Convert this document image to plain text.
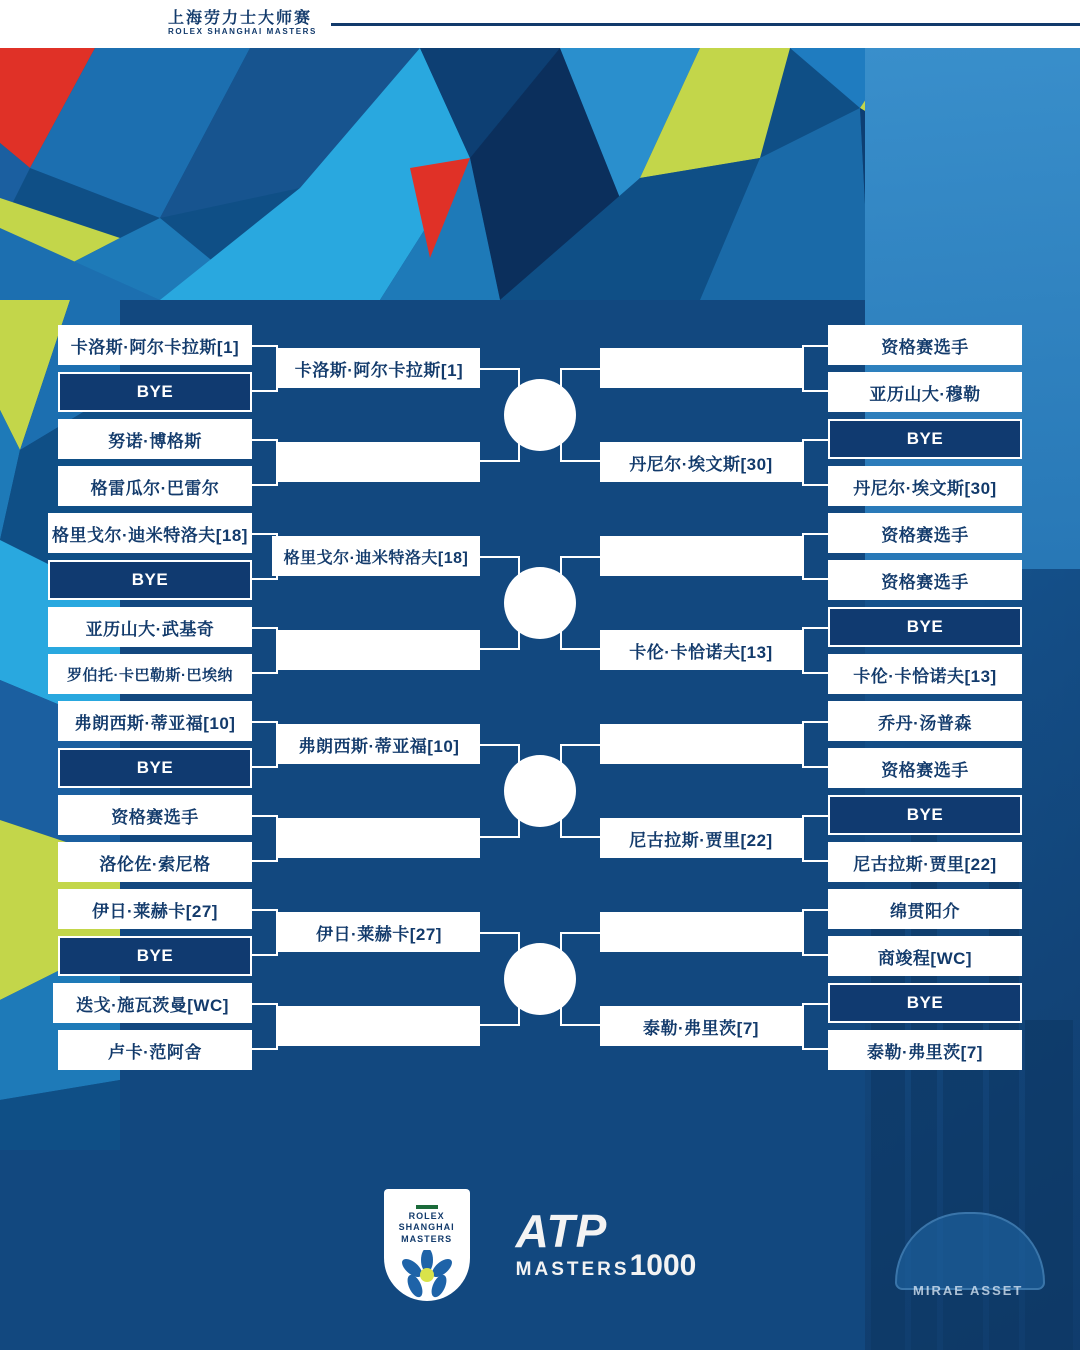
上海劳力士大师赛
ROLEX SHANGHAI MASTERS
MIRAE ASSET
卡洛斯·阿尔卡拉斯[1]
BYE
努诺·博格斯
格雷瓜尔·巴雷尔
格里戈尔·迪米特洛夫[18]
BYE
亚历山大·武基奇
罗伯托·卡巴勒斯·巴埃纳
弗朗西斯·蒂亚福[10]
BYE
资格赛选手
洛伦佐·索尼格
伊日·莱赫卡[27]
BYE
迭戈·施瓦茨曼[WC]
卢卡·范阿舍
卡洛斯·阿尔卡拉斯[1]
格里戈尔·迪米特洛夫[18]
弗朗西斯·蒂亚福[10]
伊日·莱赫卡[27]
丹尼尔·埃文斯[30]
卡伦·卡恰诺夫[13]
尼古拉斯·贾里[22]
泰勒·弗里茨[7]
资格赛选手
亚历山大·穆勒
BYE
丹尼尔·埃文斯[30]
资格赛选手
资格赛选手
BYE
卡伦·卡恰诺夫[13]
乔丹·汤普森
资格赛选手
BYE
尼古拉斯·贾里[22]
绵贯阳介
商竣程[WC]
BYE
泰勒·弗里茨[7]
ROLEX
SHANGHAI
MASTERS ATP
MASTERS1000
